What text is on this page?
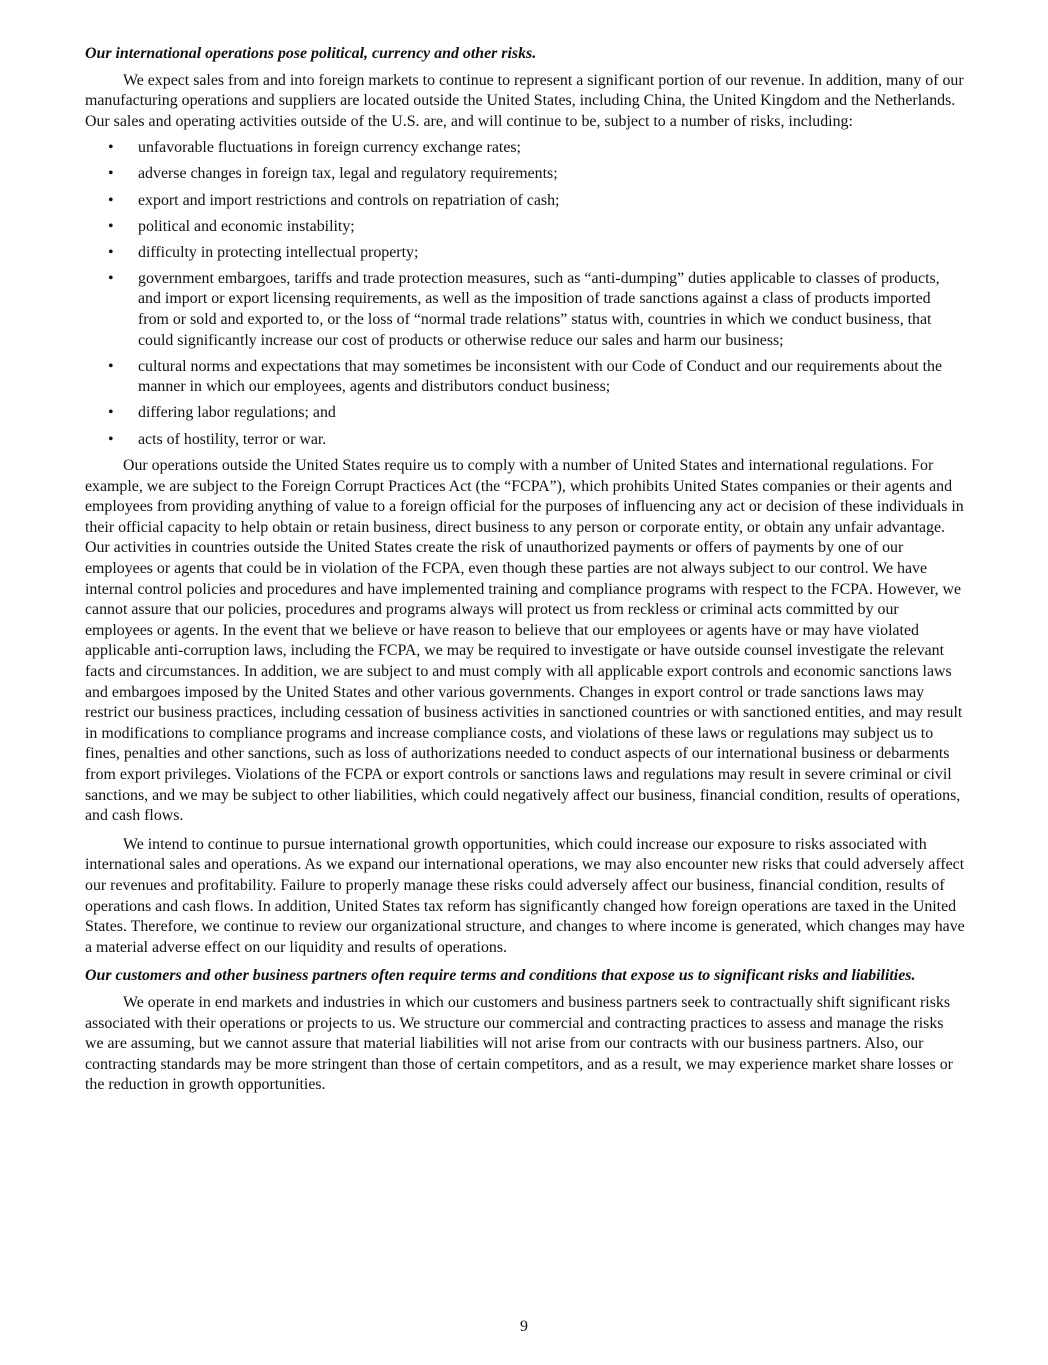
Our international operations pose political, currency and other risks.

We expect sales from and into foreign markets to continue to represent a significant portion of our revenue. In addition, many of our manufacturing operations and suppliers are located outside the United States, including China, the United Kingdom and the Netherlands. Our sales and operating activities outside of the U.S. are, and will continue to be, subject to a number of risks, including:

• unfavorable fluctuations in foreign currency exchange rates;
• adverse changes in foreign tax, legal and regulatory requirements;
• export and import restrictions and controls on repatriation of cash;
• political and economic instability;
• difficulty in protecting intellectual property;
• government embargoes, tariffs and trade protection measures, such as “anti-dumping” duties applicable to classes of products, and import or export licensing requirements, as well as the imposition of trade sanctions against a class of products imported from or sold and exported to, or the loss of “normal trade relations” status with, countries in which we conduct business, that could significantly increase our cost of products or otherwise reduce our sales and harm our business;
• cultural norms and expectations that may sometimes be inconsistent with our Code of Conduct and our requirements about the manner in which our employees, agents and distributors conduct business;
• differing labor regulations; and
• acts of hostility, terror or war.

Our operations outside the United States require us to comply with a number of United States and international regulations. For example, we are subject to the Foreign Corrupt Practices Act (the “FCPA”), which prohibits United States companies or their agents and employees from providing anything of value to a foreign official for the purposes of influencing any act or decision of these individuals in their official capacity to help obtain or retain business, direct business to any person or corporate entity, or obtain any unfair advantage. Our activities in countries outside the United States create the risk of unauthorized payments or offers of payments by one of our employees or agents that could be in violation of the FCPA, even though these parties are not always subject to our control. We have internal control policies and procedures and have implemented training and compliance programs with respect to the FCPA. However, we cannot assure that our policies, procedures and programs always will protect us from reckless or criminal acts committed by our employees or agents. In the event that we believe or have reason to believe that our employees or agents have or may have violated applicable anti-corruption laws, including the FCPA, we may be required to investigate or have outside counsel investigate the relevant facts and circumstances. In addition, we are subject to and must comply with all applicable export controls and economic sanctions laws and embargoes imposed by the United States and other various governments. Changes in export control or trade sanctions laws may restrict our business practices, including cessation of business activities in sanctioned countries or with sanctioned entities, and may result in modifications to compliance programs and increase compliance costs, and violations of these laws or regulations may subject us to fines, penalties and other sanctions, such as loss of authorizations needed to conduct aspects of our international business or debarments from export privileges. Violations of the FCPA or export controls or sanctions laws and regulations may result in severe criminal or civil sanctions, and we may be subject to other liabilities, which could negatively affect our business, financial condition, results of operations, and cash flows.

We intend to continue to pursue international growth opportunities, which could increase our exposure to risks associated with international sales and operations. As we expand our international operations, we may also encounter new risks that could adversely affect our revenues and profitability. Failure to properly manage these risks could adversely affect our business, financial condition, results of operations and cash flows. In addition, United States tax reform has significantly changed how foreign operations are taxed in the United States. Therefore, we continue to review our organizational structure, and changes to where income is generated, which changes may have a material adverse effect on our liquidity and results of operations.

Our customers and other business partners often require terms and conditions that expose us to significant risks and liabilities.

We operate in end markets and industries in which our customers and business partners seek to contractually shift significant risks associated with their operations or projects to us. We structure our commercial and contracting practices to assess and manage the risks we are assuming, but we cannot assure that material liabilities will not arise from our contracts with our business partners. Also, our contracting standards may be more stringent than those of certain competitors, and as a result, we may experience market share losses or the reduction in growth opportunities.

9
